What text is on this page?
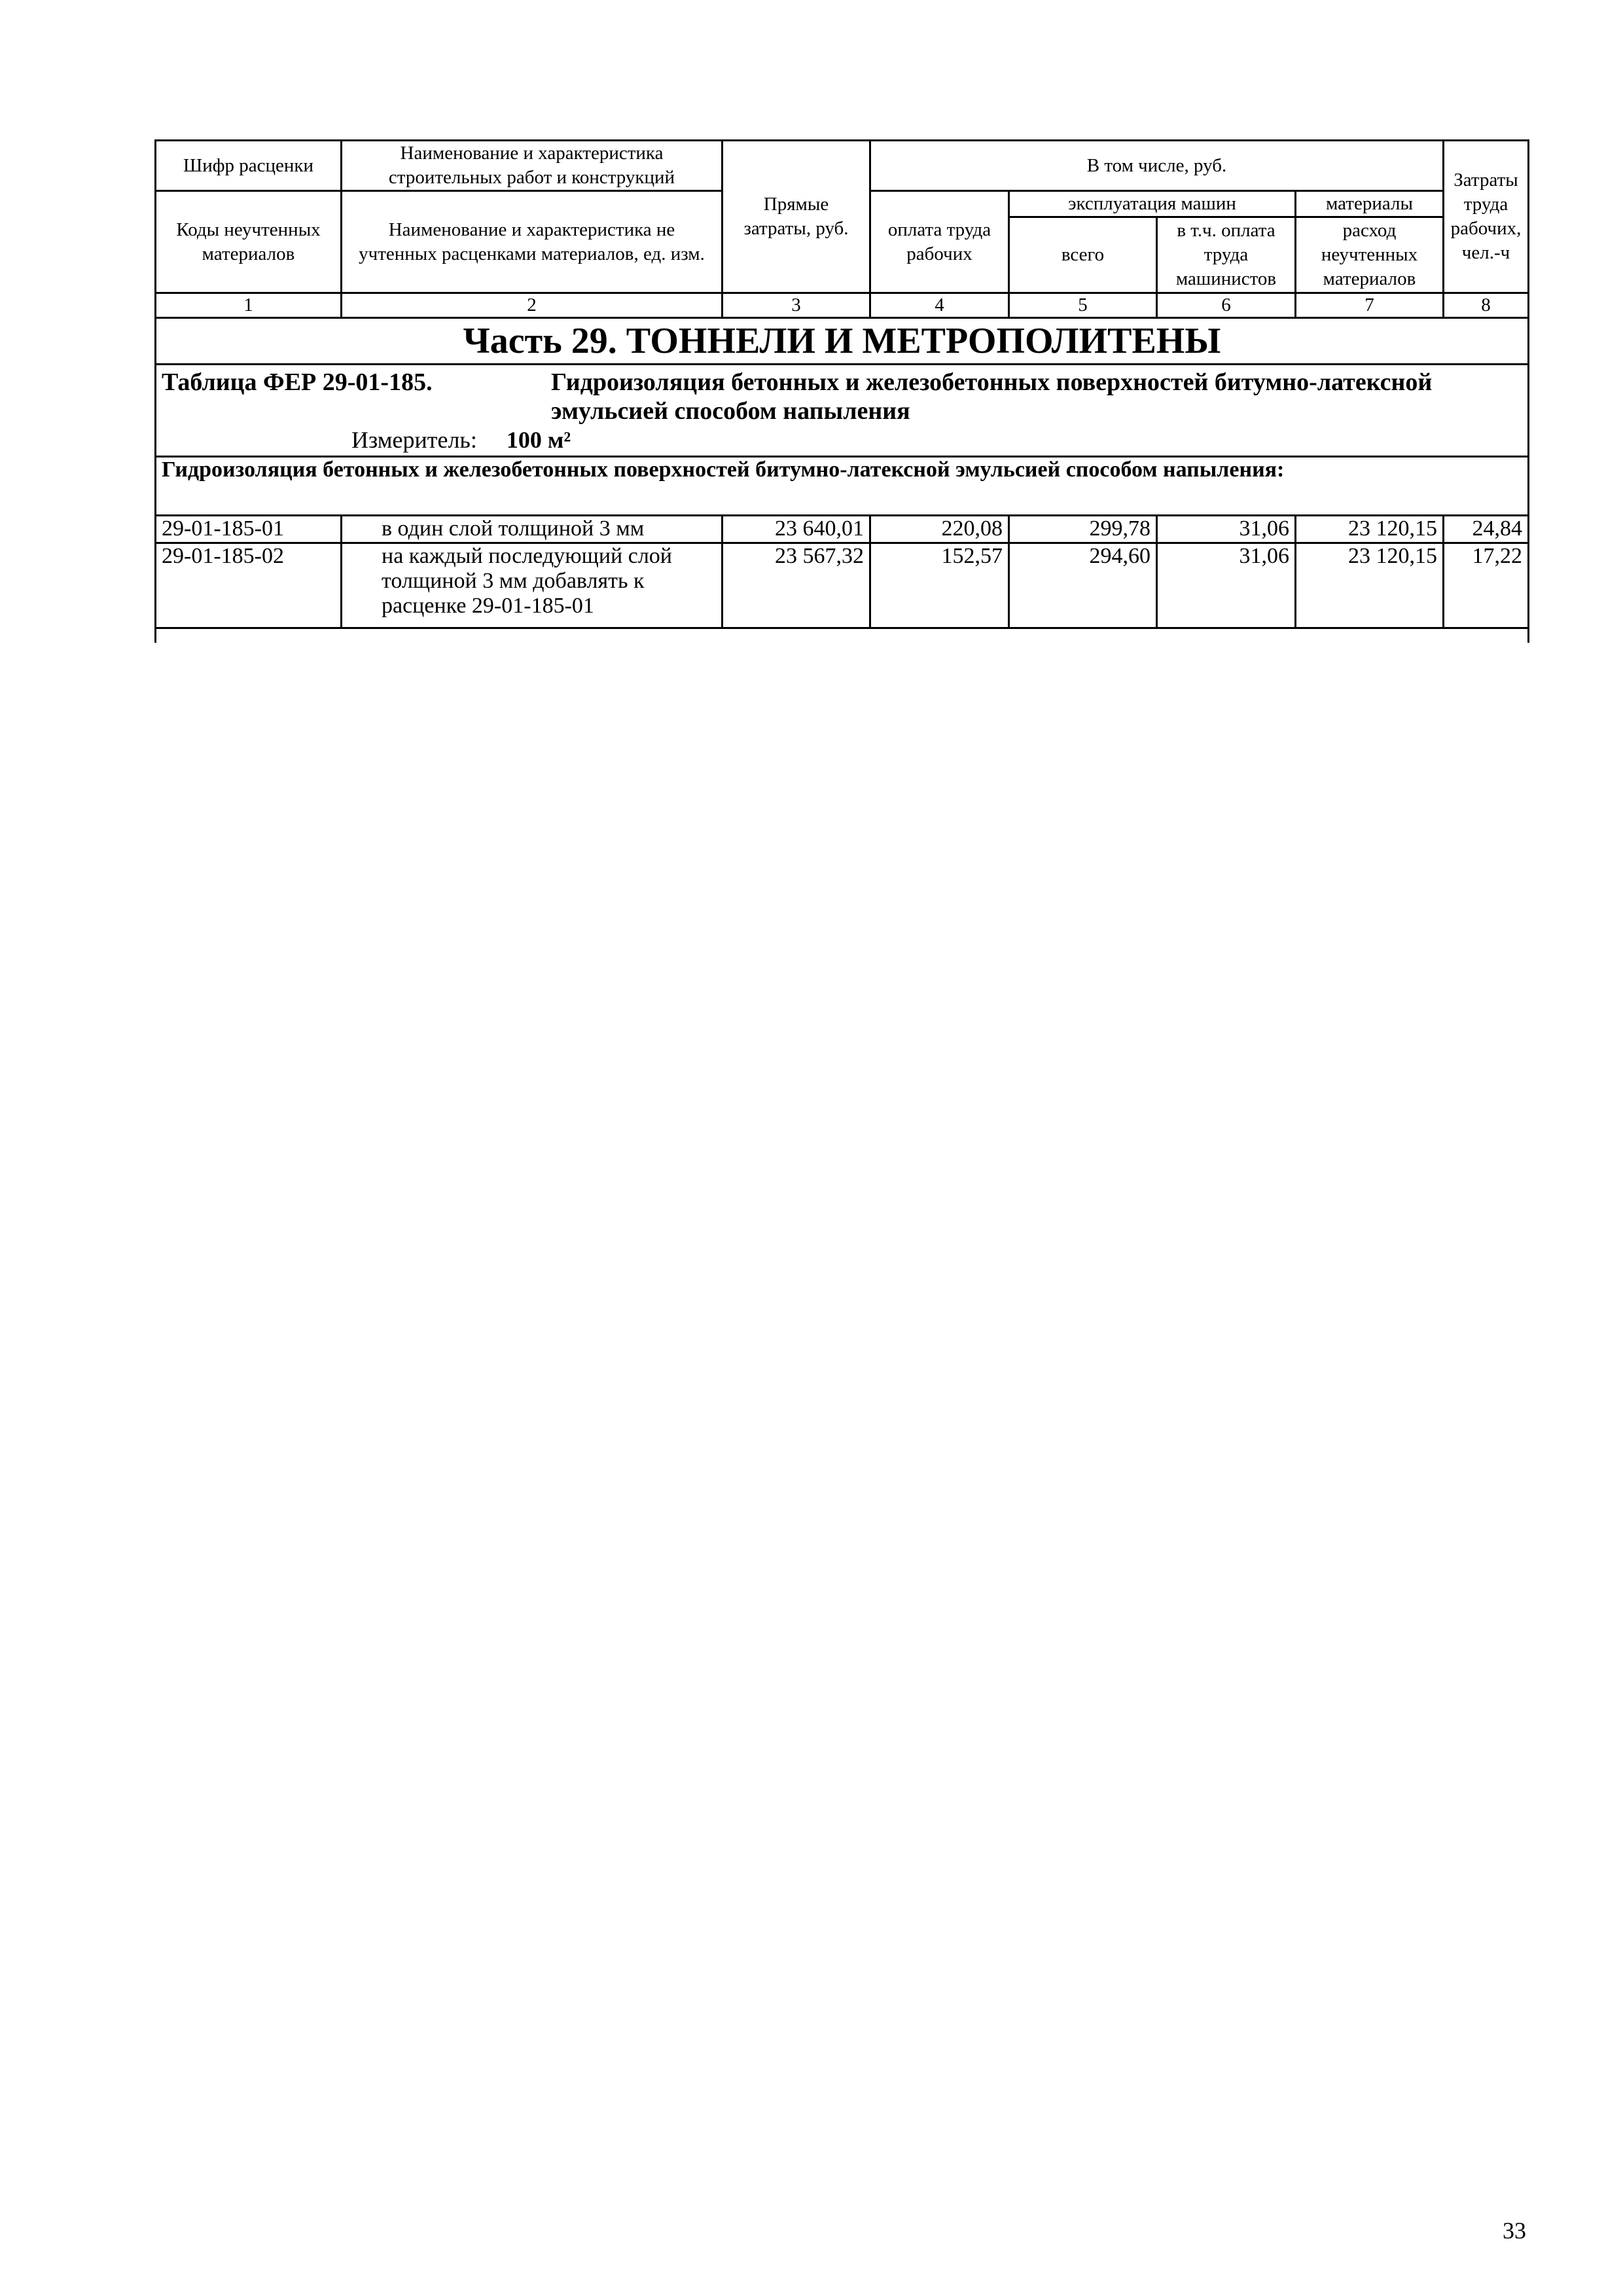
Шифр расценки	Наименование и характеристика строительных работ и конструкций	Прямые затраты, руб.	В том числе, руб.				Затраты труда рабочих, чел.-ч
Коды неучтенных материалов	Наименование и характеристика не учтенных расценками материалов, ед. изм.		оплата труда рабочих	эксплуатация машин		материалы	
				всего	в т.ч. оплата труда машинистов	расход неучтенных материалов	
1	2	3	4	5	6	7	8
Часть 29. ТОННЕЛИ И МЕТРОПОЛИТЕНЫ							

Таблица ФЕР 29-01-185. Гидроизоляция бетонных и железобетонных поверхностей битумно-латексной эмульсией способом напыления
Измеритель: 100 м²							

Гидроизоляция бетонных и железобетонных поверхностей битумно-латексной эмульсией способом напыления:							
29-01-185-01	в один слой толщиной 3 мм	23 640,01	220,08	299,78	31,06	23 120,15	24,84
29-01-185-02	на каждый последующий слой толщиной 3 мм добавлять к расценке 29-01-185-01	23 567,32	152,57	294,60	31,06	23 120,15	17,22

33
